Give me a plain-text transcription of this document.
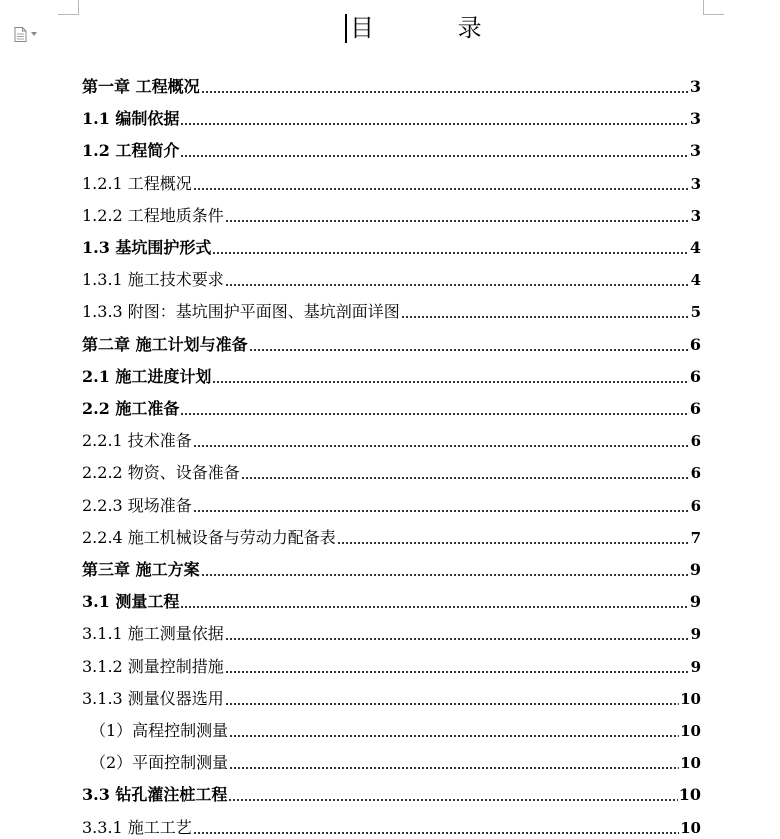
目 录
第一章 工程概况	3
1.1 编制依据	3
1.2 工程简介	3
1.2.1 工程概况	3
1.2.2 工程地质条件	3
1.3 基坑围护形式	4
1.3.1 施工技术要求	4
1.3.3 附图：基坑围护平面图、基坑剖面详图	5
第二章 施工计划与准备	6
2.1 施工进度计划	6
2.2 施工准备	6
2.2.1 技术准备	6
2.2.2 物资、设备准备	6
2.2.3 现场准备	6
2.2.4 施工机械设备与劳动力配备表	7
第三章 施工方案	9
3.1 测量工程	9
3.1.1 施工测量依据	9
3.1.2 测量控制措施	9
3.1.3 测量仪器选用	10
（1）高程控制测量	10
（2）平面控制测量	10
3.3 钻孔灌注桩工程	10
3.3.1 施工工艺	10
